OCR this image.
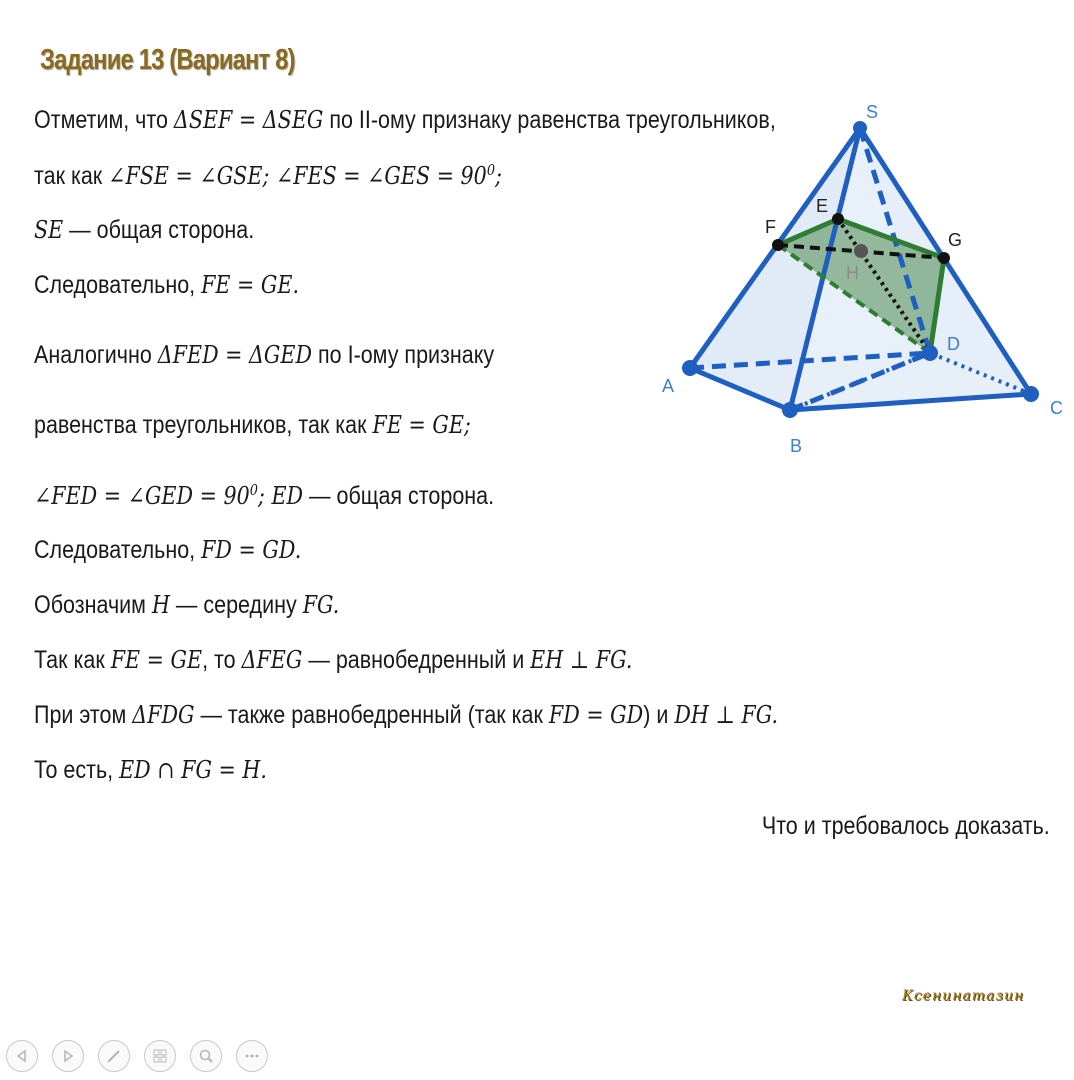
Задание 13 (Вариант 8)
Отметим, что ΔSEF = ΔSEG по II-ому признаку равенства треугольников,
так как ∠FSE = ∠GSE; ∠FES = ∠GES = $90^0$;
SE — общая сторона.
Следовательно, FE = GE.
Аналогично ΔFED = ΔGED по I-ому признаку
равенства треугольников, так как FE = GE;
∠FED = ∠GED = $90^0$; ED — общая сторона.
Следовательно, FD = GD.
Обозначим H — середину FG.
Так как FE = GE, то ΔFEG — равнобедренный и EH ⊥ FG.
При этом ΔFDG — также равнобедренный (так как FD = GD) и DH ⊥ FG.
То есть, ED ∩ FG = H.
Что и требовалось доказать.
S
A
B
C
D
E
F
G
H
Ксенинатазин
